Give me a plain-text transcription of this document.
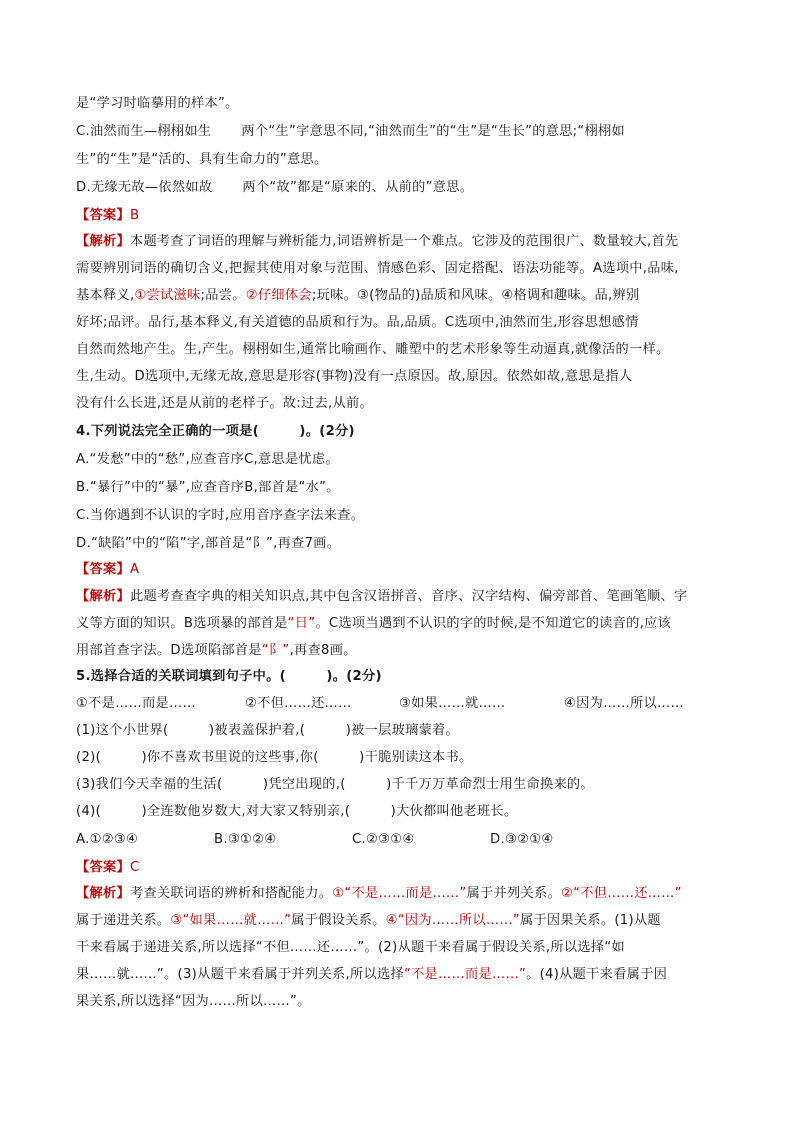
是“学习时临摹用的样本”。
C.油然而生—栩栩如生 两个“生”字意思不同,“油然而生”的“生”是“生长”的意思;“栩栩如
生”的“生”是“活的、具有生命力的”意思。
D.无缘无故—依然如故 两个“故”都是“原来的、从前的”意思。
【答案】B
【解析】本题考查了词语的理解与辨析能力,词语辨析是一个难点。它涉及的范围很广、数量较大,首先
需要辨别词语的确切含义,把握其使用对象与范围、情感色彩、固定搭配、语法功能等。A选项中,品味,
基本释义,①尝试滋味;品尝。②仔细体会;玩味。③(物品的)品质和风味。④格调和趣味。品,辨别
好坏;品评。品行,基本释义,有关道德的品质和行为。品,品质。C选项中,油然而生,形容思想感情
自然而然地产生。生,产生。栩栩如生,通常比喻画作、雕塑中的艺术形象等生动逼真,就像活的一样。
生,生动。D选项中,无缘无故,意思是形容(事物)没有一点原因。故,原因。依然如故,意思是指人
没有什么长进,还是从前的老样子。故:过去,从前。
4.下列说法完全正确的一项是(　　　)。(2分)
A.“发愁”中的“愁”,应查音序C,意思是忧虑。
B.“暴行”中的“暴”,应查音序B,部首是“水”。
C.当你遇到不认识的字时,应用音序查字法来查。
D.“缺陷”中的“陷”字,部首是“阝”,再查7画。
【答案】A
【解析】此题考查查字典的相关知识点,其中包含汉语拼音、音序、汉字结构、偏旁部首、笔画笔顺、字
义等方面的知识。B选项暴的部首是“日”。C选项当遇到不认识的字的时候,是不知道它的读音的,应该
用部首查字法。D选项陷部首是“阝”,再查8画。
5.选择合适的关联词填到句子中。(　　　)。(2分)
①不是……而是……	②不但……还……	③如果……就……	④因为……所以……
(1)这个小世界(　　　)被表盖保护着,(　　　)被一层玻璃蒙着。
(2)(　　　)你不喜欢书里说的这些事,你(　　　)干脆别读这本书。
(3)我们今天幸福的生活(　　　)凭空出现的,(　　　)千千万万革命烈士用生命换来的。
(4)(　　　)全连数他岁数大,对大家又特别亲,(　　　)大伙都叫他老班长。
A.①②③④	B.③①②④	C.②③①④	D.③②①④
【答案】C
【解析】考查关联词语的辨析和搭配能力。①“不是……而是……”属于并列关系。②“不但……还……”
属于递进关系。③“如果……就……”属于假设关系。④“因为……所以……”属于因果关系。(1)从题
干来看属于递进关系,所以选择“不但……还……”。(2)从题干来看属于假设关系,所以选择“如
果……就……”。(3)从题干来看属于并列关系,所以选择“不是……而是……”。(4)从题干来看属于因
果关系,所以选择“因为……所以……”。
